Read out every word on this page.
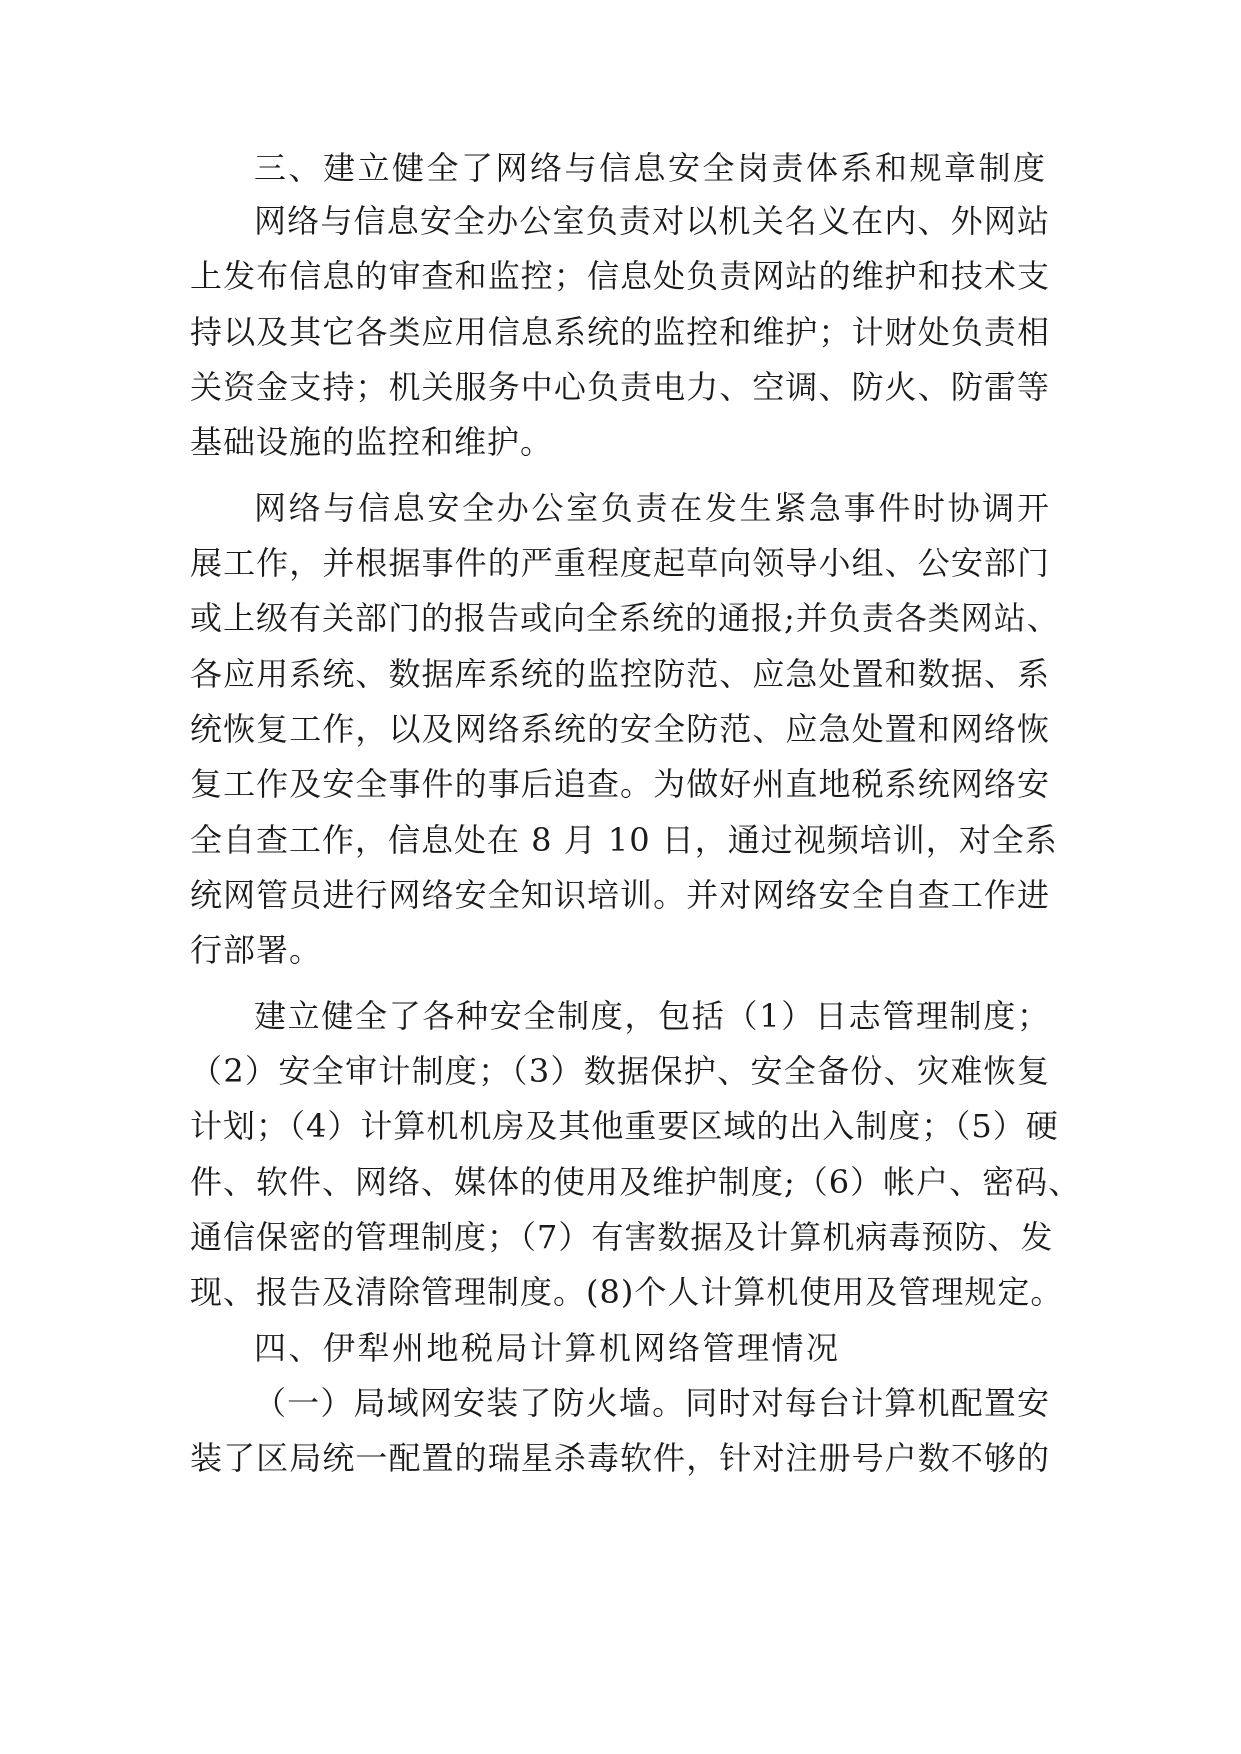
三、建立健全了网络与信息安全岗责体系和规章制度
网络与信息安全办公室负责对以机关名义在内、外网站
上发布信息的审查和监控；信息处负责网站的维护和技术支
持以及其它各类应用信息系统的监控和维护；计财处负责相
关资金支持；机关服务中心负责电力、空调、防火、防雷等
基础设施的监控和维护。
网络与信息安全办公室负责在发生紧急事件时协调开
展工作，并根据事件的严重程度起草向领导小组、公安部门
或上级有关部门的报告或向全系统的通报;并负责各类网站、
各应用系统、数据库系统的监控防范、应急处置和数据、系
统恢复工作，以及网络系统的安全防范、应急处置和网络恢
复工作及安全事件的事后追查。为做好州直地税系统网络安
全自查工作，信息处在 8 月 10 日，通过视频培训，对全系
统网管员进行网络安全知识培训。并对网络安全自查工作进
行部署。
建立健全了各种安全制度，包括（1）日志管理制度；
（2）安全审计制度；（3）数据保护、安全备份、灾难恢复
计划；（4）计算机机房及其他重要区域的出入制度；（5）硬
件、软件、网络、媒体的使用及维护制度;（6）帐户、密码、
通信保密的管理制度；（7）有害数据及计算机病毒预防、发
现、报告及清除管理制度。(8)个人计算机使用及管理规定。
四、伊犁州地税局计算机网络管理情况
（一）局域网安装了防火墙。同时对每台计算机配置安
装了区局统一配置的瑞星杀毒软件，针对注册号户数不够的
